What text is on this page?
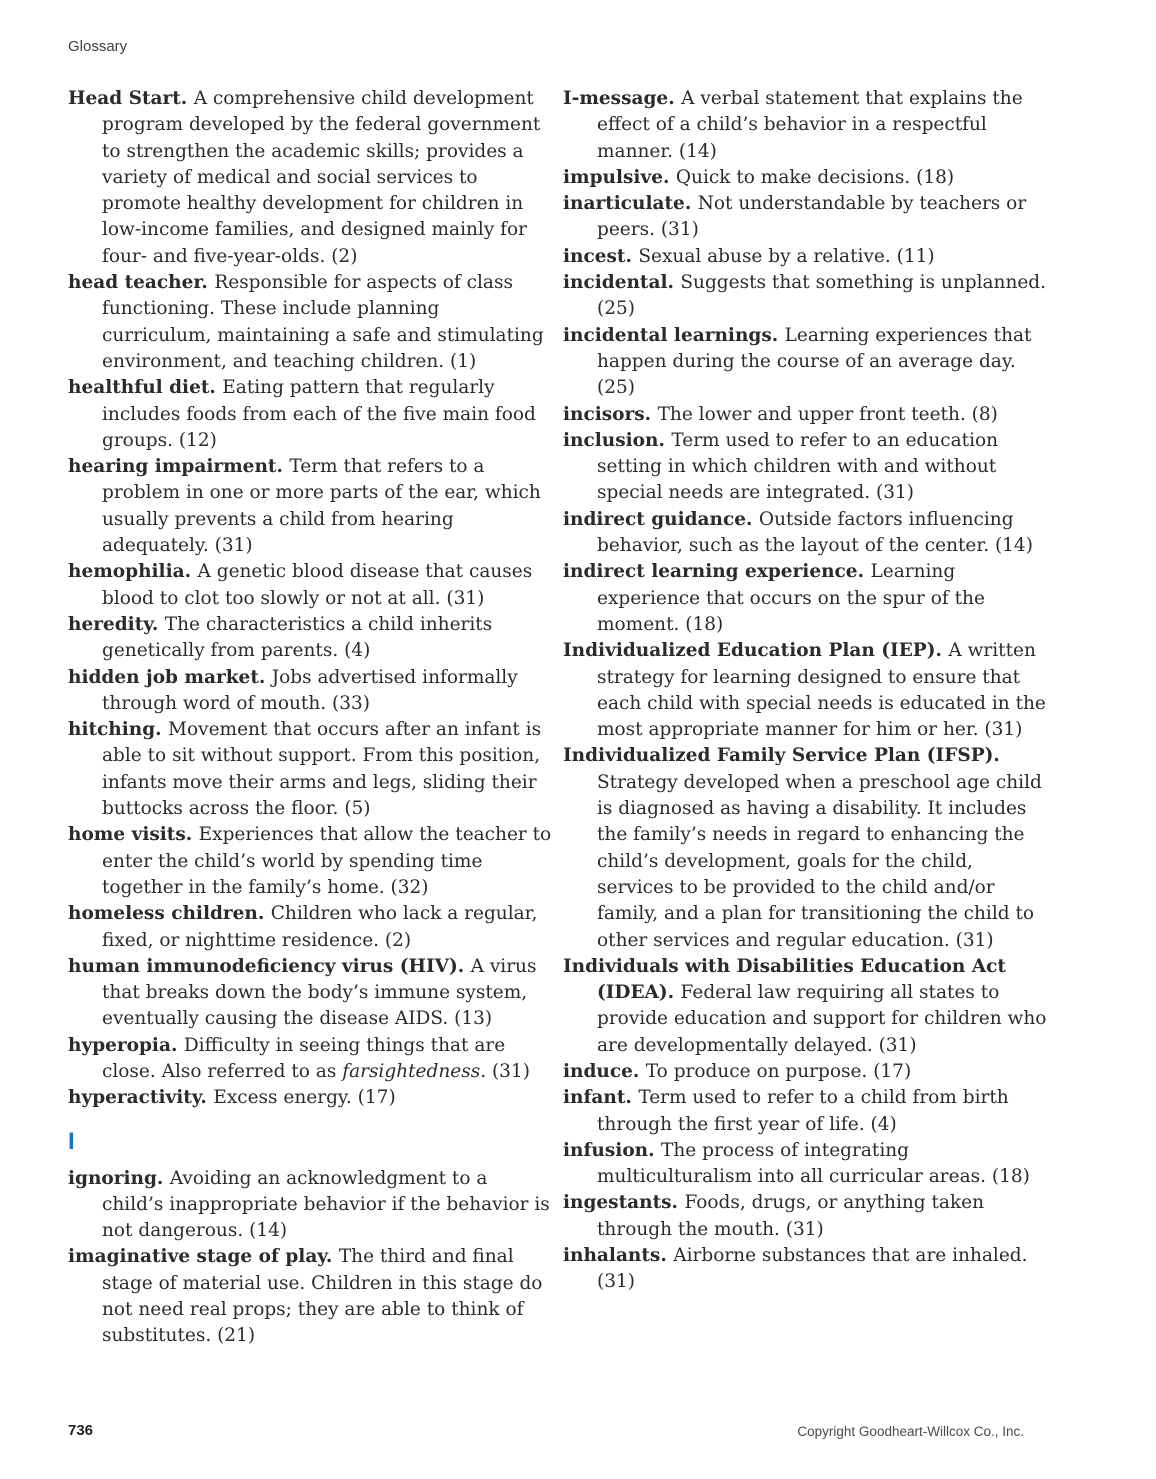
Glossary
Head Start. A comprehensive child development program developed by the federal government to strengthen the academic skills; provides a variety of medical and social services to promote healthy development for children in low-income families, and designed mainly for four- and five-year-olds. (2)
head teacher. Responsible for aspects of class functioning. These include planning curriculum, maintaining a safe and stimulating environment, and teaching children. (1)
healthful diet. Eating pattern that regularly includes foods from each of the five main food groups. (12)
hearing impairment. Term that refers to a problem in one or more parts of the ear, which usually prevents a child from hearing adequately. (31)
hemophilia. A genetic blood disease that causes blood to clot too slowly or not at all. (31)
heredity. The characteristics a child inherits genetically from parents. (4)
hidden job market. Jobs advertised informally through word of mouth. (33)
hitching. Movement that occurs after an infant is able to sit without support. From this position, infants move their arms and legs, sliding their buttocks across the floor. (5)
home visits. Experiences that allow the teacher to enter the child’s world by spending time together in the family’s home. (32)
homeless children. Children who lack a regular, fixed, or nighttime residence. (2)
human immunodeficiency virus (HIV). A virus that breaks down the body’s immune system, eventually causing the disease AIDS. (13)
hyperopia. Difficulty in seeing things that are close. Also referred to as farsightedness. (31)
hyperactivity. Excess energy. (17)
I
ignoring. Avoiding an acknowledgment to a child’s inappropriate behavior if the behavior is not dangerous. (14)
imaginative stage of play. The third and final stage of material use. Children in this stage do not need real props; they are able to think of substitutes. (21)
I-message. A verbal statement that explains the effect of a child’s behavior in a respectful manner. (14)
impulsive. Quick to make decisions. (18)
inarticulate. Not understandable by teachers or peers. (31)
incest. Sexual abuse by a relative. (11)
incidental. Suggests that something is unplanned. (25)
incidental learnings. Learning experiences that happen during the course of an average day. (25)
incisors. The lower and upper front teeth. (8)
inclusion. Term used to refer to an education setting in which children with and without special needs are integrated. (31)
indirect guidance. Outside factors influencing behavior, such as the layout of the center. (14)
indirect learning experience. Learning experience that occurs on the spur of the moment. (18)
Individualized Education Plan (IEP). A written strategy for learning designed to ensure that each child with special needs is educated in the most appropriate manner for him or her. (31)
Individualized Family Service Plan (IFSP). Strategy developed when a preschool age child is diagnosed as having a disability. It includes the family’s needs in regard to enhancing the child’s development, goals for the child, services to be provided to the child and/or family, and a plan for transitioning the child to other services and regular education. (31)
Individuals with Disabilities Education Act (IDEA). Federal law requiring all states to provide education and support for children who are developmentally delayed. (31)
induce. To produce on purpose. (17)
infant. Term used to refer to a child from birth through the first year of life. (4)
infusion. The process of integrating multiculturalism into all curricular areas. (18)
ingestants. Foods, drugs, or anything taken through the mouth. (31)
inhalants. Airborne substances that are inhaled. (31)
736	Copyright Goodheart-Willcox Co., Inc.
